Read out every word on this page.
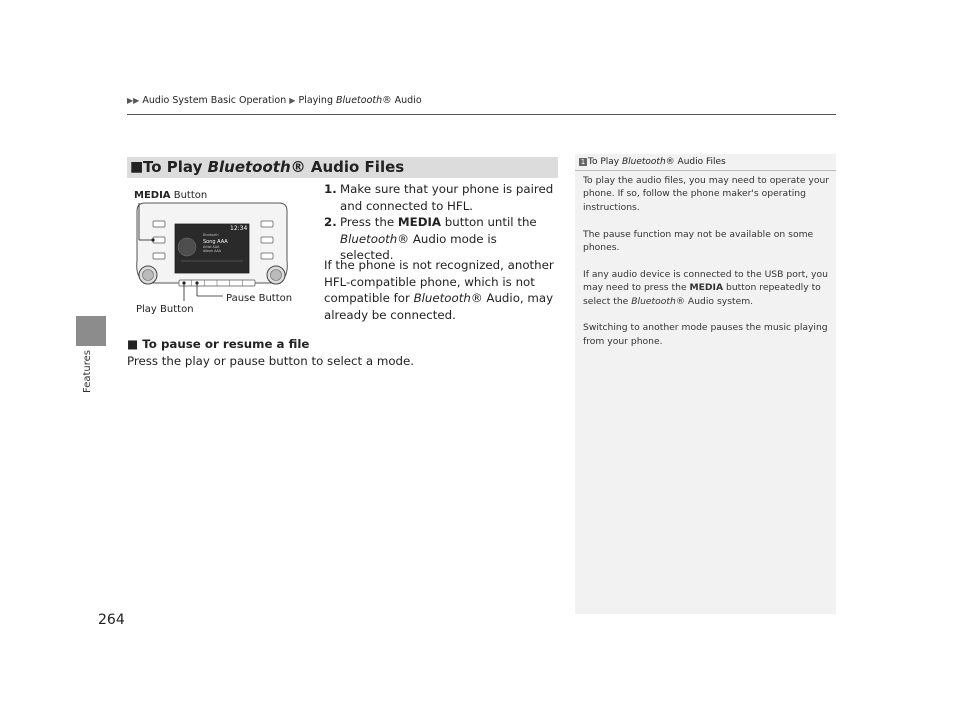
▶▶ Audio System Basic Operation ▶ Playing Bluetooth® Audio
Features
■ To Play Bluetooth® Audio Files
Bluetooth
Song AAA
Artist AAA
Album AAA
12:34
MEDIA Button
Pause Button
Play Button
1. Make sure that your phone is paired and connected to HFL.
2. Press the MEDIA button until the Bluetooth® Audio mode is selected.
If the phone is not recognized, another HFL-compatible phone, which is not compatible for Bluetooth® Audio, may already be connected.
■ To pause or resume a file
Press the play or pause button to select a mode.
1 To Play Bluetooth® Audio Files

To play the audio files, you may need to operate your phone. If so, follow the phone maker's operating instructions.

The pause function may not be available on some phones.

If any audio device is connected to the USB port, you may need to press the MEDIA button repeatedly to select the Bluetooth® Audio system.

Switching to another mode pauses the music playing from your phone.

264
